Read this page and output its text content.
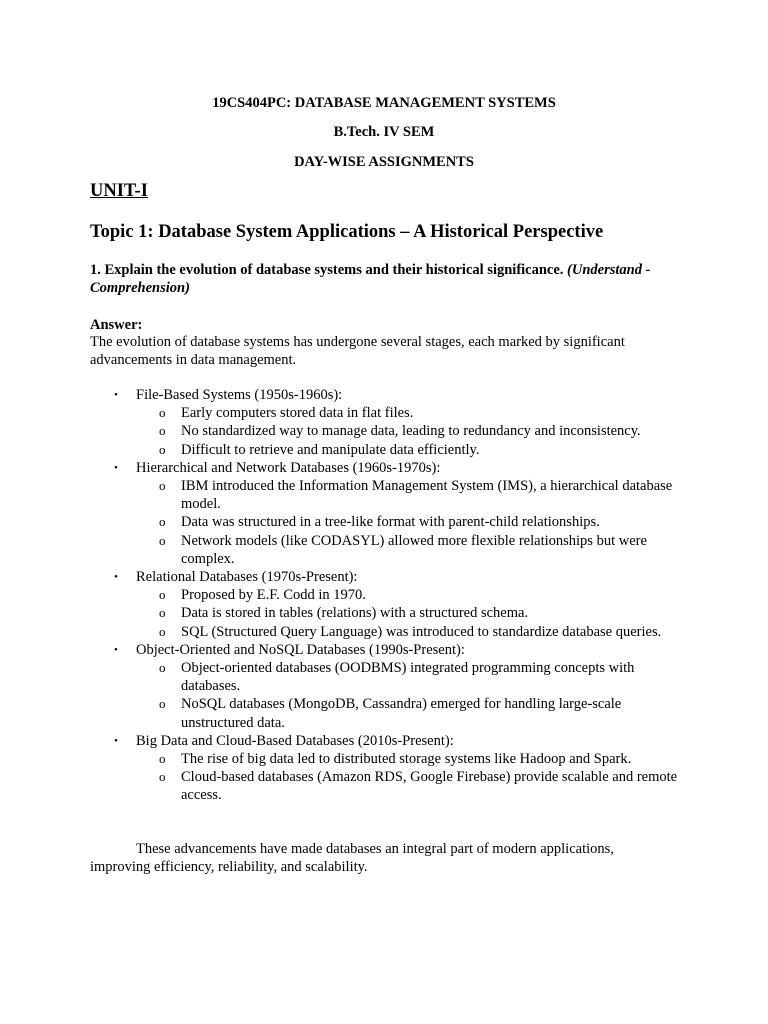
19CS404PC: DATABASE MANAGEMENT SYSTEMS
B.Tech. IV SEM
DAY-WISE ASSIGNMENTS
UNIT-I
Topic 1: Database System Applications – A Historical Perspective
1. Explain the evolution of database systems and their historical significance. (Understand - Comprehension)
Answer:
The evolution of database systems has undergone several stages, each marked by significant advancements in data management.
•	File-Based Systems (1950s-1960s):
o Early computers stored data in flat files.
o No standardized way to manage data, leading to redundancy and inconsistency.
o Difficult to retrieve and manipulate data efficiently.
•	Hierarchical and Network Databases (1960s-1970s):
o IBM introduced the Information Management System (IMS), a hierarchical database model.
o Data was structured in a tree-like format with parent-child relationships.
o Network models (like CODASYL) allowed more flexible relationships but were complex.
•	Relational Databases (1970s-Present):
o Proposed by E.F. Codd in 1970.
o Data is stored in tables (relations) with a structured schema.
o SQL (Structured Query Language) was introduced to standardize database queries.
•	Object-Oriented and NoSQL Databases (1990s-Present):
o Object-oriented databases (OODBMS) integrated programming concepts with databases.
o NoSQL databases (MongoDB, Cassandra) emerged for handling large-scale unstructured data.
•	Big Data and Cloud-Based Databases (2010s-Present):
o The rise of big data led to distributed storage systems like Hadoop and Spark.
o Cloud-based databases (Amazon RDS, Google Firebase) provide scalable and remote access.
These advancements have made databases an integral part of modern applications, improving efficiency, reliability, and scalability.
